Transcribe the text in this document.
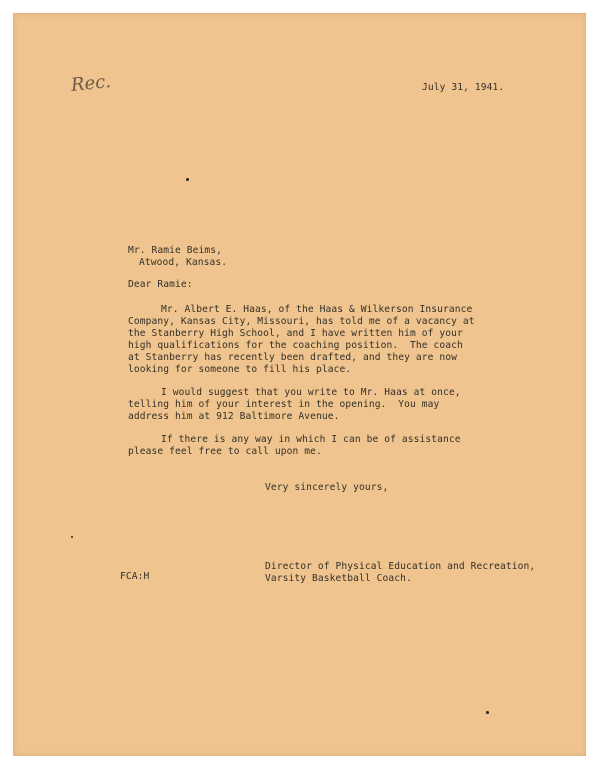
Rec.	July 31, 1941.
Mr. Ramie Beims,
Atwood, Kansas.
Dear Ramie:
Mr. Albert E. Haas, of the Haas & Wilkerson Insurance
Company, Kansas City, Missouri, has told me of a vacancy at
the Stanberry High School, and I have written him of your
high qualifications for the coaching position.  The coach
at Stanberry has recently been drafted, and they are now
looking for someone to fill his place.
I would suggest that you write to Mr. Haas at once,
telling him of your interest in the opening.  You may
address him at 912 Baltimore Avenue.
If there is any way in which I can be of assistance
please feel free to call upon me.
Very sincerely yours,
Director of Physical Education and Recreation,
Varsity Basketball Coach.
FCA:H
